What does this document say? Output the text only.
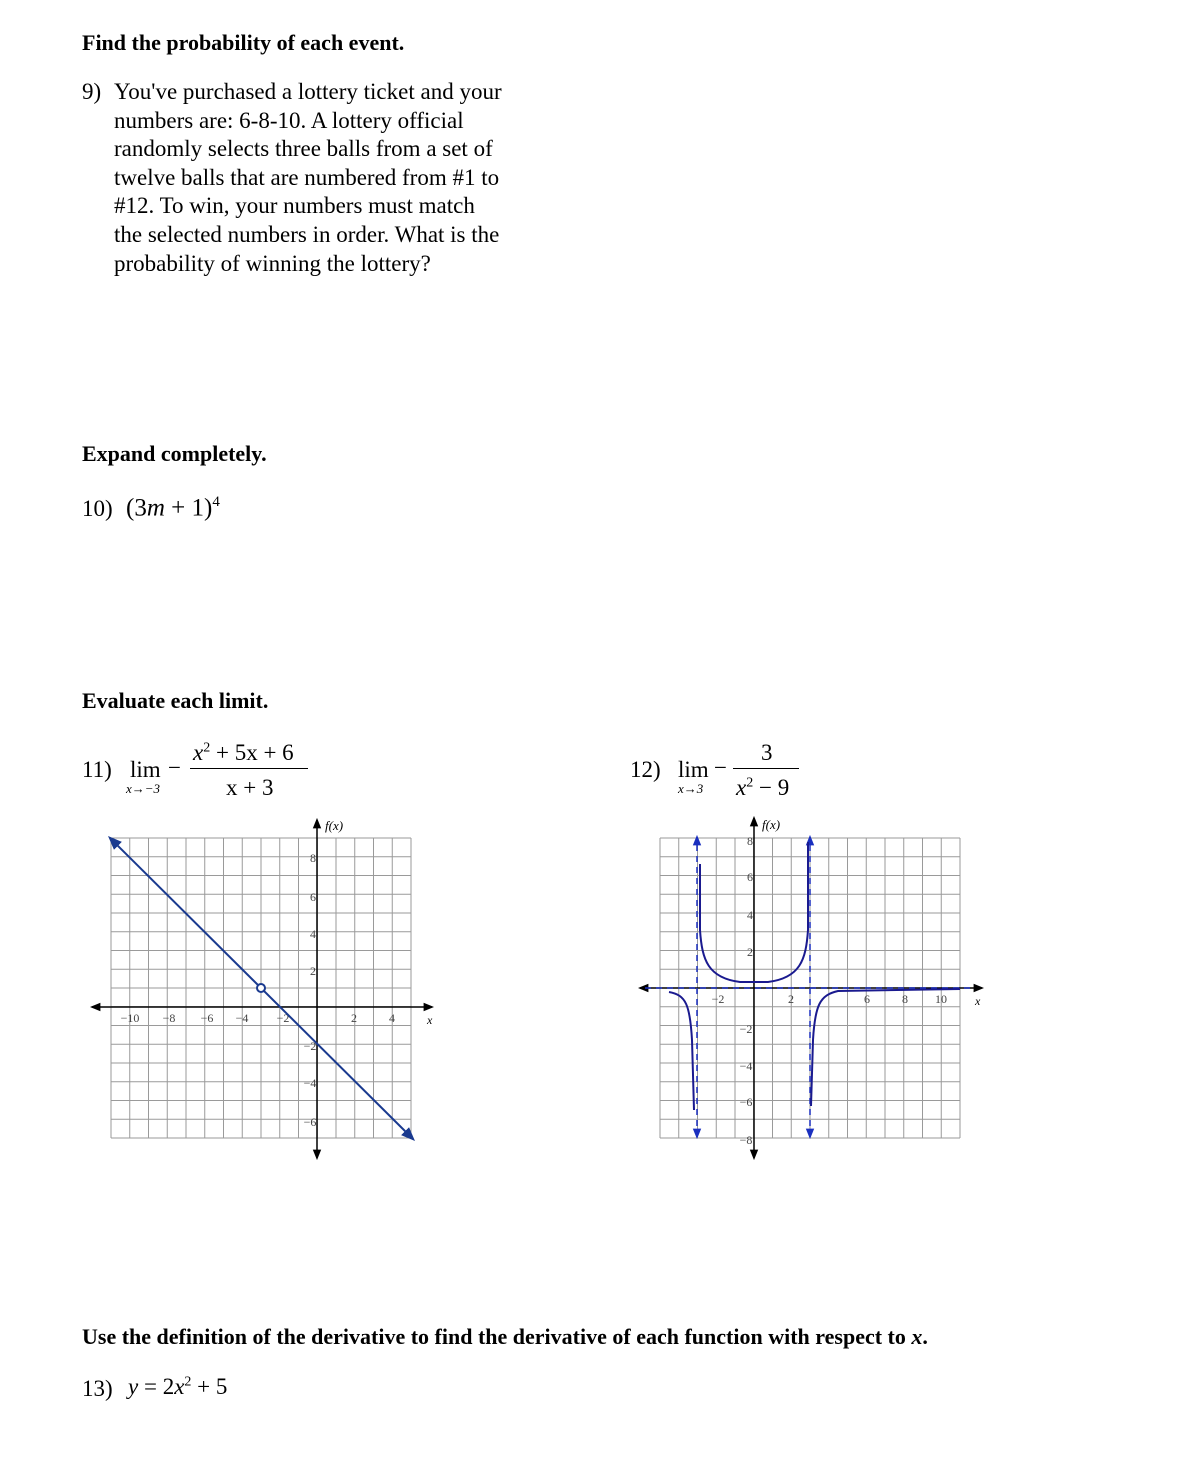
Find the probability of each event.
9) You've purchased a lottery ticket and your
numbers are: 6-8-10. A lottery official
randomly selects three balls from a set of
twelve balls that are numbered from #1 to
#12. To win, your numbers must match
the selected numbers in order. What is the
probability of winning the lottery?
Expand completely.
10) $(3m + 1)^4$
Evaluate each limit.
11) lim
x→−3
−
$x^2 + 5x + 6$
x + 3
12) lim
x→3
−
3
$x^2 - 9$
−10 −8 −6 −4 −2	2	4
8
6
4
2
−2
−4
−6
x
f(x)
−2	2	6	8 10
8
6
4
2
−2
−4
−6
−8
x
f(x)
Use the definition of the derivative to find the derivative of each function with respect to x.
13) $y = 2x^2 + 5$
